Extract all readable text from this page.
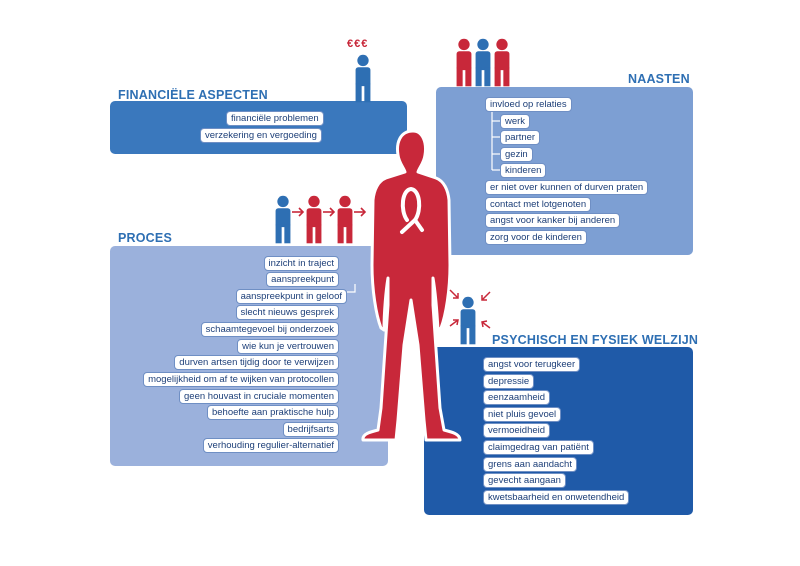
FINANCIËLE ASPECTEN
NAASTEN
PROCES
PSYCHISCH EN FYSIEK WELZIJN
€€€
financiële problemen
verzekering en vergoeding
invloed op relaties
werk
partner
gezin
kinderen
er niet over kunnen of durven praten
contact met lotgenoten
angst voor kanker bij anderen
zorg voor de kinderen
inzicht in traject
aanspreekpunt
aanspreekpunt in geloof
slecht nieuws gesprek
schaamtegevoel bij onderzoek
wie kun je vertrouwen
durven artsen tijdig door te verwijzen
mogelijkheid om af te wijken van protocollen
geen houvast in cruciale momenten
behoefte aan praktische hulp
bedrijfsarts
verhouding regulier-alternatief
angst voor terugkeer
depressie
eenzaamheid
niet pluis gevoel
vermoeidheid
claimgedrag van patiënt
grens aan aandacht
gevecht aangaan
kwetsbaarheid en onwetendheid
